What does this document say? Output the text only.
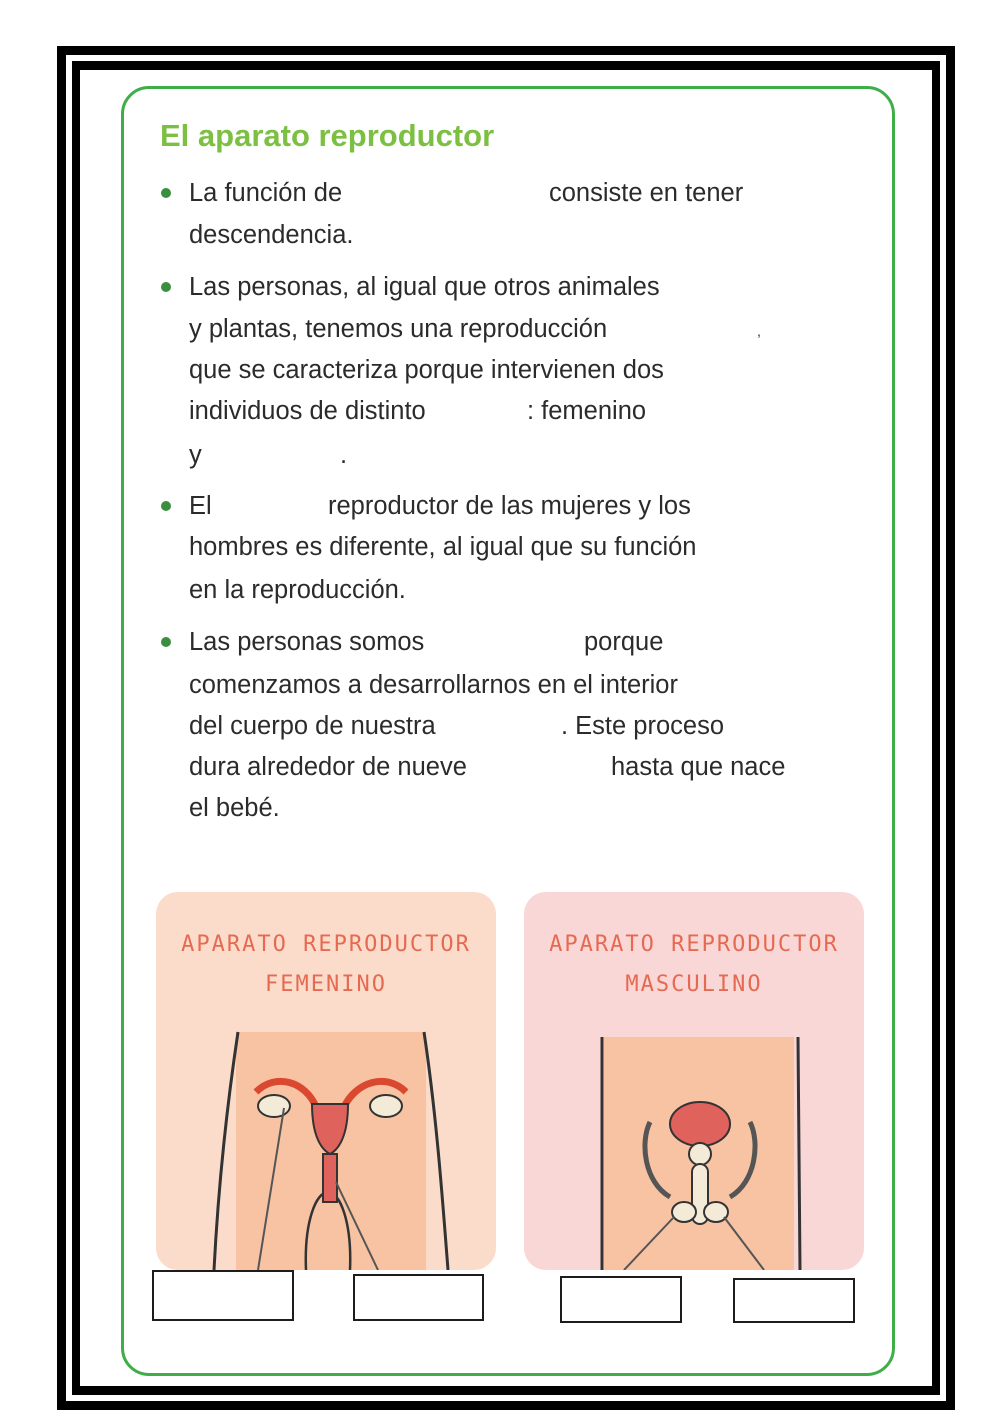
El aparato reproductor
La función de	consiste en tener
descendencia.
Las personas, al igual que otros animales
y plantas, tenemos una reproducción	,
que se caracteriza porque intervienen dos
individuos de distinto	: femenino
y	.
El	reproductor de las mujeres y los
hombres es diferente, al igual que su función
en la reproducción.
Las personas somos	porque
comenzamos a desarrollarnos en el interior
del cuerpo de nuestra	. Este proceso
dura alrededor de nueve	hasta que nace
el bebé.
APARATO REPRODUCTOR
FEMENINO
APARATO REPRODUCTOR
MASCULINO
